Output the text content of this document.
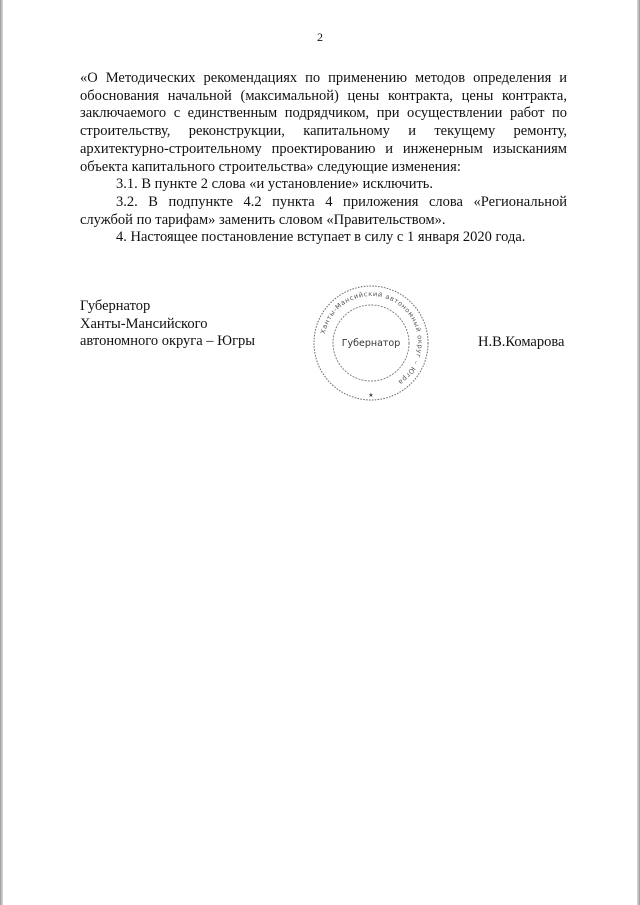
2

«О Методических рекомендациях по применению методов определения и обоснования начальной (максимальной) цены контракта, цены контракта, заключаемого с единственным подрядчиком, при осуществлении работ по строительству, реконструкции, капитальному и текущему ремонту, архитектурно-строительному проектированию и инженерным изысканиям объекта капитального строительства» следующие изменения:

3.1. В пункте 2 слова «и установление» исключить.

3.2. В подпункте 4.2 пункта 4 приложения слова «Региональной службой по тарифам» заменить словом «Правительством».

4. Настоящее постановление вступает в силу с 1 января 2020 года.

Губернатор
Ханты-Мансийского
автономного округа – Югры
Ханты-Мансийский автономный округ – Югра
Губернатор
★
Н.В.Комарова
